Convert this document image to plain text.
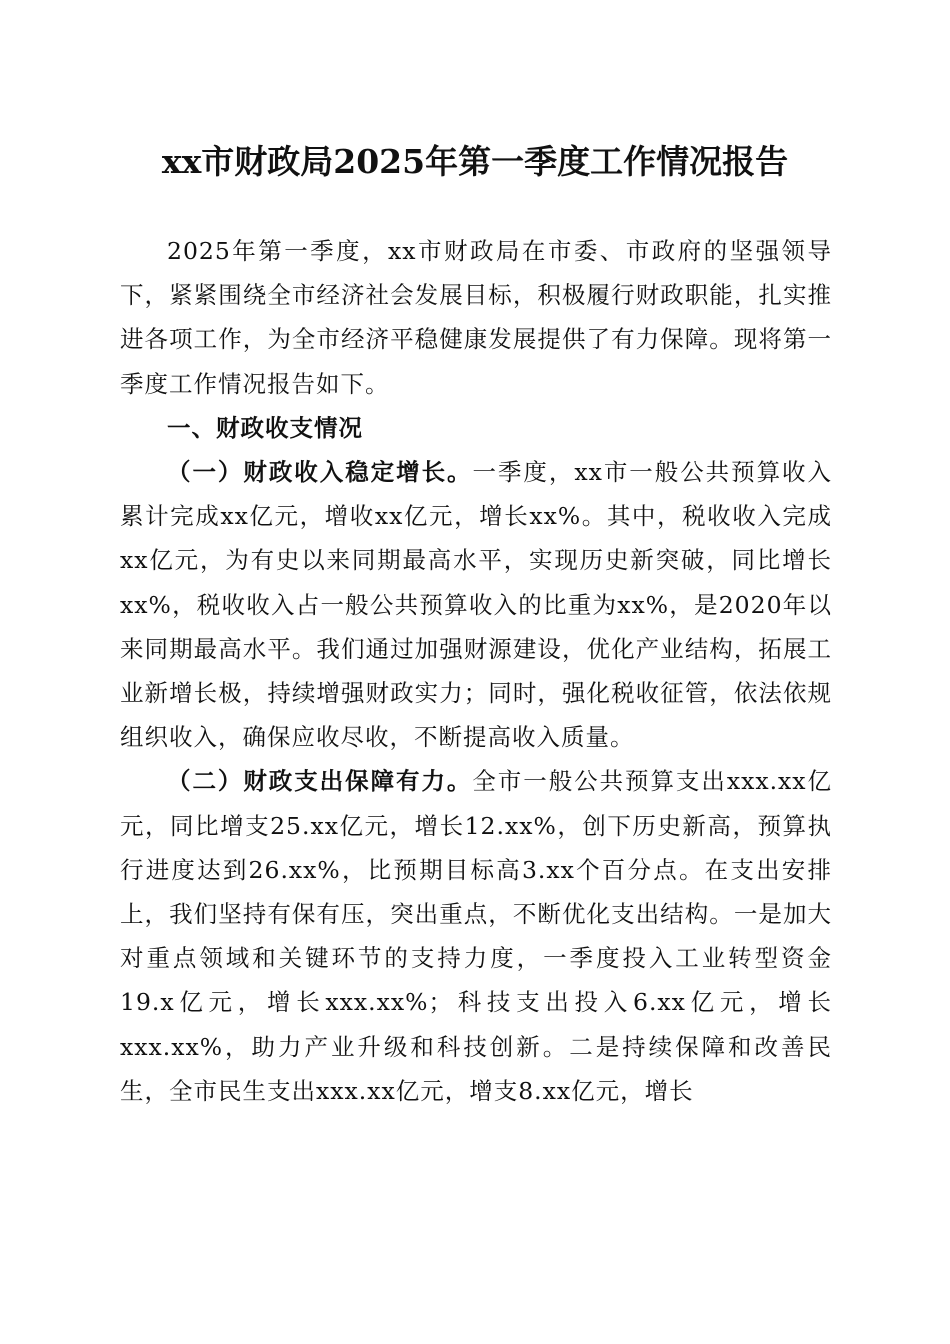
xx市财政局2025年第一季度工作情况报告

2025年第一季度，xx市财政局在市委、市政府的坚强领导下，紧紧围绕全市经济社会发展目标，积极履行财政职能，扎实推进各项工作，为全市经济平稳健康发展提供了有力保障。现将第一季度工作情况报告如下。

一、财政收支情况

（一）财政收入稳定增长。一季度，xx市一般公共预算收入累计完成xx亿元，增收xx亿元，增长xx%。其中，税收收入完成xx亿元，为有史以来同期最高水平，实现历史新突破，同比增长xx%，税收收入占一般公共预算收入的比重为xx%，是2020年以来同期最高水平。我们通过加强财源建设，优化产业结构，拓展工业新增长极，持续增强财政实力；同时，强化税收征管，依法依规组织收入，确保应收尽收，不断提高收入质量。

（二）财政支出保障有力。全市一般公共预算支出xxx.xx亿元，同比增支25.xx亿元，增长12.xx%，创下历史新高，预算执行进度达到26.xx%，比预期目标高3.xx个百分点。在支出安排上，我们坚持有保有压，突出重点，不断优化支出结构。一是加大对重点领域和关键环节的支持力度，一季度投入工业转型资金19.x亿元，增长xxx.xx%；科技支出投入6.xx亿元，增长xxx.xx%，助力产业升级和科技创新。二是持续保障和改善民生，全市民生支出xxx.xx亿元，增支8.xx亿元，增长
